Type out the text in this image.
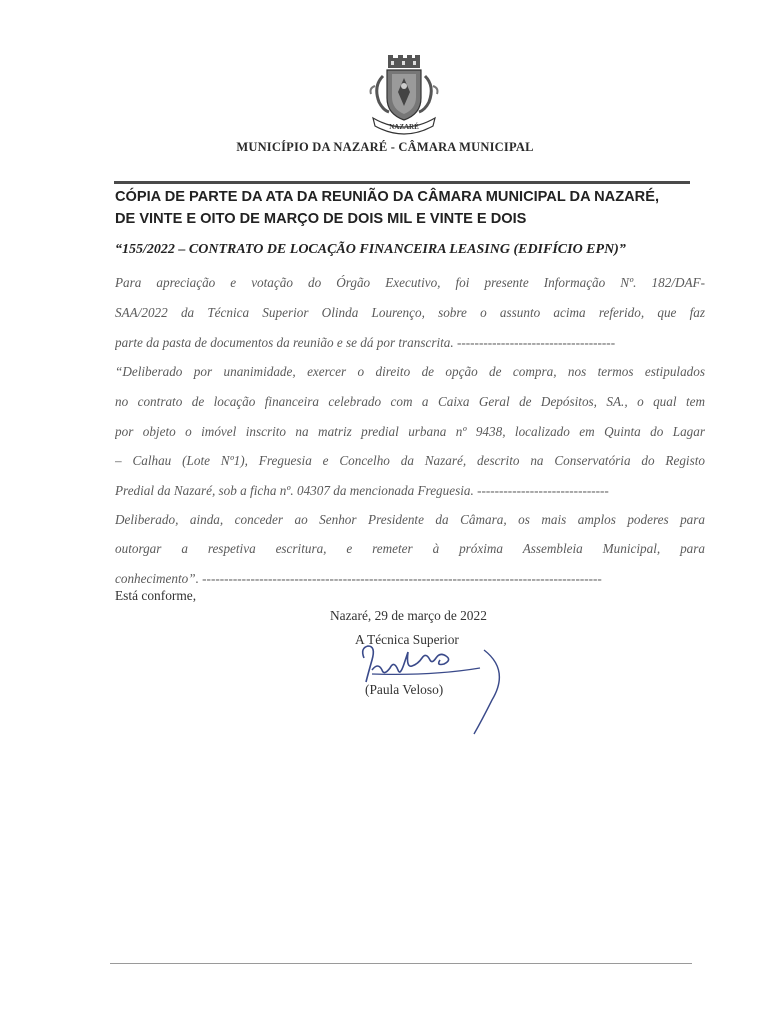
NAZARÉ
MUNICÍPIO DA NAZARÉ - CÂMARA MUNICIPAL
CÓPIA DE PARTE DA ATA DA REUNIÃO DA CÂMARA MUNICIPAL DA NAZARÉ,
DE VINTE E OITO DE MARÇO DE DOIS MIL E VINTE E DOIS
“155/2022 – CONTRATO DE LOCAÇÃO FINANCEIRA LEASING (EDIFÍCIO EPN)”
Para apreciação e votação do Órgão Executivo, foi presente Informação Nº. 182/DAF-
SAA/2022 da Técnica Superior Olinda Lourenço, sobre o assunto acima referido, que faz
parte da pasta de documentos da reunião e se dá por transcrita. ------------------------------------
“Deliberado por unanimidade, exercer o direito de opção de compra, nos termos estipulados
no contrato de locação financeira celebrado com a Caixa Geral de Depósitos, SA., o qual tem
por objeto o imóvel inscrito na matriz predial urbana nº 9438, localizado em Quinta do Lagar
– Calhau (Lote Nº1), Freguesia e Concelho da Nazaré, descrito na Conservatória do Registo
Predial da Nazaré, sob a ficha nº. 04307 da mencionada Freguesia. ------------------------------
Deliberado, ainda, conceder ao Senhor Presidente da Câmara, os mais amplos poderes para
outorgar a respetiva escritura, e remeter à próxima Assembleia Municipal, para
conhecimento”. -------------------------------------------------------------------------------------------
Está conforme,
Nazaré, 29 de março de 2022
A Técnica Superior
(Paula Veloso)
